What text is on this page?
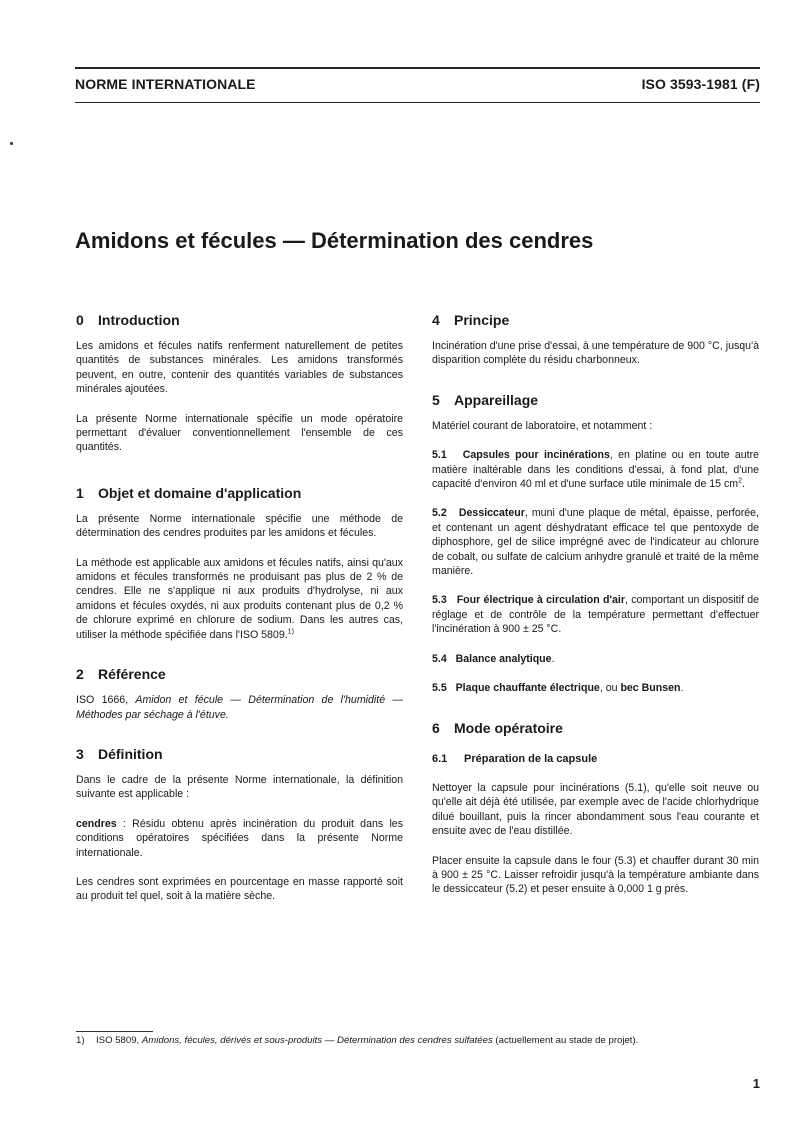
NORME INTERNATIONALE	ISO 3593-1981 (F)
Amidons et fécules — Détermination des cendres
0	Introduction

Les amidons et fécules natifs renferment naturellement de petites quantités de substances minérales. Les amidons transformés peuvent, en outre, contenir des quantités variables de substances minérales ajoutées.

La présente Norme internationale spécifie un mode opératoire permettant d'évaluer conventionnellement l'ensemble de ces quantités.

1	Objet et domaine d'application

La présente Norme internationale spécifie une méthode de détermination des cendres produites par les amidons et fécules.

La méthode est applicable aux amidons et fécules natifs, ainsi qu'aux amidons et fécules transformés ne produisant pas plus de 2 % de cendres. Elle ne s'applique ni aux produits d'hydrolyse, ni aux amidons et fécules oxydés, ni aux produits contenant plus de 0,2 % de chlorure exprimé en chlorure de sodium. Dans les autres cas, utiliser la méthode spécifiée dans l'ISO 5809.$^{1)}$

2	Référence

ISO 1666, Amidon et fécule — Détermination de l'humidité — Méthodes par séchage à l'étuve.

3	Définition

Dans le cadre de la présente Norme internationale, la définition suivante est applicable :

cendres : Résidu obtenu après incinération du produit dans les conditions opératoires spécifiées dans la présente Norme internationale.

Les cendres sont exprimées en pourcentage en masse rapporté soit au produit tel quel, soit à la matière sèche.

4	Principe

Incinération d'une prise d'essai, à une température de 900 °C, jusqu'à disparition complète du résidu charbonneux.

5	Appareillage

Matériel courant de laboratoire, et notamment :

5.1 Capsules pour incinérations, en platine ou en toute autre matière inaltérable dans les conditions d'essai, à fond plat, d'une capacité d'environ 40 ml et d'une surface utile minimale de 15 $cm^2$.

5.2 Dessiccateur, muni d'une plaque de métal, épaisse, perforée, et contenant un agent déshydratant efficace tel que pentoxyde de diphosphore, gel de silice imprégné avec de l'indicateur au chlorure de cobalt, ou sulfate de calcium anhydre granulé et traité de la même manière.

5.3 Four électrique à circulation d'air, comportant un dispositif de réglage et de contrôle de la température permettant d'effectuer l'incinération à 900 ± 25 °C.

5.4 Balance analytique.

5.5 Plaque chauffante électrique, ou bec Bunsen.

6	Mode opératoire
6.1	Préparation de la capsule

Nettoyer la capsule pour incinérations (5.1), qu'elle soit neuve ou qu'elle ait déjà été utilisée, par exemple avec de l'acide chlorhydrique dilué bouillant, puis la rincer abondamment sous l'eau courante et ensuite avec de l'eau distillée.

Placer ensuite la capsule dans le four (5.3) et chauffer durant 30 min à 900 ± 25 °C. Laisser refroidir jusqu'à la température ambiante dans le dessiccateur (5.2) et peser ensuite à 0,000 1 g près.

1) ISO 5809, Amidons, fécules, dérivés et sous-produits — Détermination des cendres sulfatées (actuellement au stade de projet).
1
